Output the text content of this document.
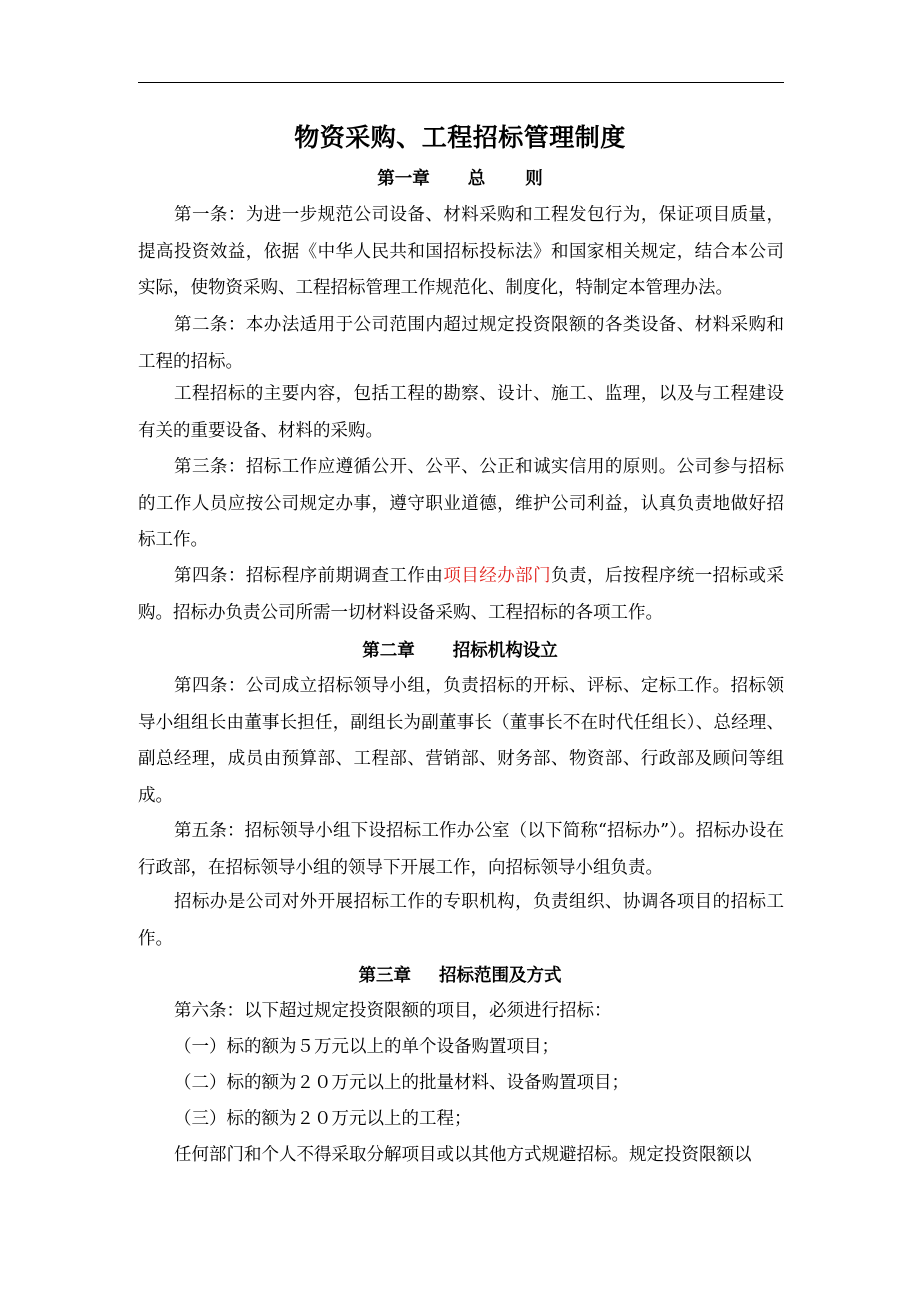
物资采购、工程招标管理制度
第一章 总 则
第一条：为进一步规范公司设备、材料采购和工程发包行为，保证项目质量，提高投资效益，依据《中华人民共和国招标投标法》和国家相关规定，结合本公司实际，使物资采购、工程招标管理工作规范化、制度化，特制定本管理办法。
第二条：本办法适用于公司范围内超过规定投资限额的各类设备、材料采购和工程的招标。
工程招标的主要内容，包括工程的勘察、设计、施工、监理，以及与工程建设有关的重要设备、材料的采购。
第三条：招标工作应遵循公开、公平、公正和诚实信用的原则。公司参与招标的工作人员应按公司规定办事，遵守职业道德，维护公司利益，认真负责地做好招标工作。
第四条：招标程序前期调查工作由项目经办部门负责，后按程序统一招标或采购。招标办负责公司所需一切材料设备采购、工程招标的各项工作。
第二章 招标机构设立
第四条：公司成立招标领导小组，负责招标的开标、评标、定标工作。招标领导小组组长由董事长担任，副组长为副董事长（董事长不在时代任组长）、总经理、副总经理，成员由预算部、工程部、营销部、财务部、物资部、行政部及顾问等组成。
第五条：招标领导小组下设招标工作办公室（以下简称“招标办”）。招标办设在行政部，在招标领导小组的领导下开展工作，向招标领导小组负责。
招标办是公司对外开展招标工作的专职机构，负责组织、协调各项目的招标工作。
第三章 招标范围及方式
第六条：以下超过规定投资限额的项目，必须进行招标：
（一）标的额为５万元以上的单个设备购置项目；
（二）标的额为２０万元以上的批量材料、设备购置项目；
（三）标的额为２０万元以上的工程；
任何部门和个人不得采取分解项目或以其他方式规避招标。规定投资限额以
